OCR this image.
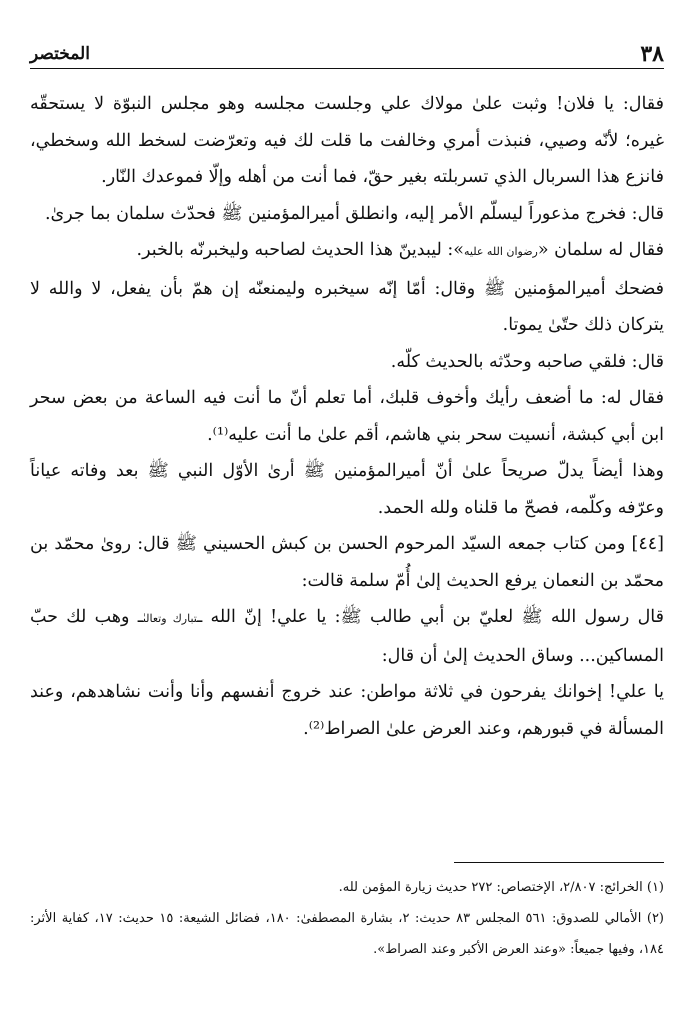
المختصر	٣٨

فقال: يا فلان! وثبت علىٰ مولاك علي وجلست مجلسه وهو مجلس النبوّة لا يستحقّه غيره؛ لأنّه وصيي، فنبذت أمري وخالفت ما قلت لك فيه وتعرّضت لسخط الله وسخطي، فانزع هذا السربال الذي تسربلته بغير حقّ، فما أنت من أهله وإلّا فموعدك النّار.

قال: فخرج مذعوراً ليسلّم الأمر إليه، وانطلق أميرالمؤمنين ﷺ فحدّث سلمان بما جرىٰ.

فقال له سلمان «رضوان الله عليه»: ليبدينّ هذا الحديث لصاحبه وليخبرنّه بالخبر.

فضحك أميرالمؤمنين ﷺ وقال: أمّا إنّه سيخبره وليمنعنّه إن همّ بأن يفعل، لا والله لا يتركان ذلك حتّىٰ يموتا.

قال: فلقي صاحبه وحدّثه بالحديث كلّه.

فقال له: ما أضعف رأيك وأخوف قلبك، أما تعلم أنّ ما أنت فيه الساعة من بعض سحر ابن أبي كبشة، أنسيت سحر بني هاشم، أقم علىٰ ما أنت عليه⁽¹⁾.

وهذا أيضاً يدلّ صريحاً علىٰ أنّ أميرالمؤمنين ﷺ أرىٰ الأوّل النبي ﷺ بعد وفاته عياناً وعرّفه وكلّمه، فصحّ ما قلناه ولله الحمد.

[٤٤] ومن كتاب جمعه السيّد المرحوم الحسن بن كبش الحسيني ﷺ قال: روىٰ محمّد بن محمّد بن النعمان يرفع الحديث إلىٰ أُمّ سلمة قالت:

قال رسول الله ﷺ لعليّ بن أبي طالب ﷺ: يا علي! إنّ الله ـتبارك وتعالىٰـ وهب لك حبّ المساكين... وساق الحديث إلىٰ أن قال:

يا علي! إخوانك يفرحون في ثلاثة مواطن: عند خروج أنفسهم وأنا وأنت نشاهدهم، وعند المسألة في قبورهم، وعند العرض علىٰ الصراط⁽²⁾.

(١) الخرائج: ٢/٨٠٧، الإختصاص: ٢٧٢ حديث زيارة المؤمن لله.

(٢) الأمالي للصدوق: ٥٦١ المجلس ٨٣ حديث: ٢، بشارة المصطفىٰ: ١٨٠، فضائل الشيعة: ١٥ حديث: ١٧، كفاية الأثر: ١٨٤، وفيها جميعاً: «وعند العرض الأكبر وعند الصراط».
